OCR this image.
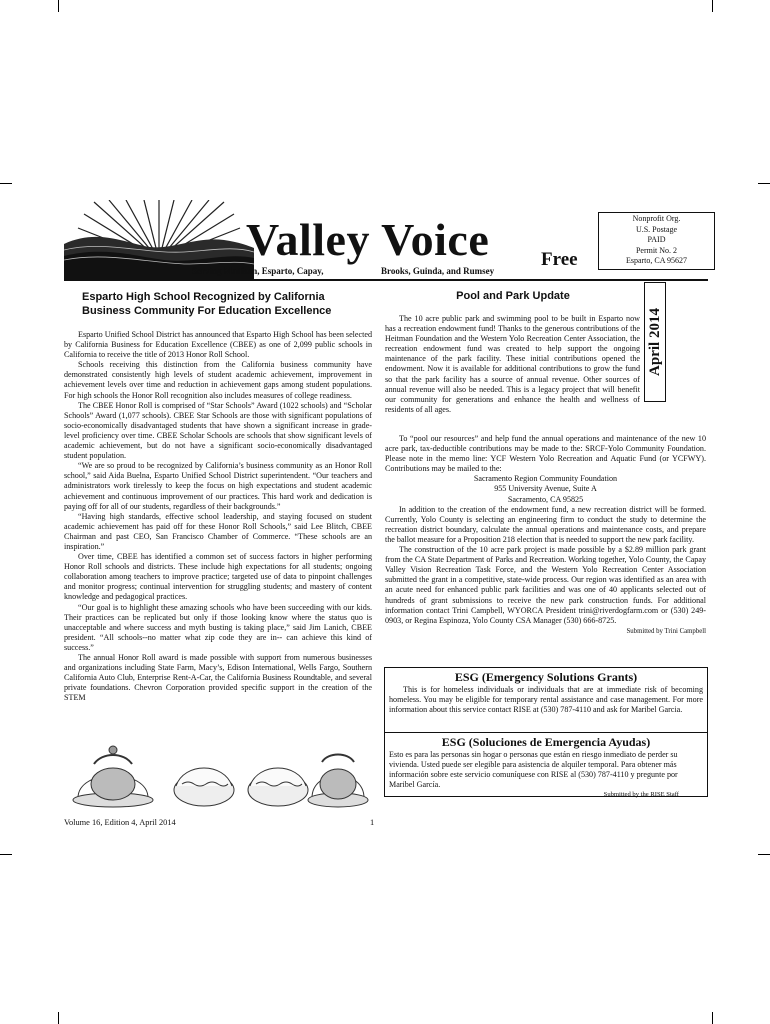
Valley Voice
Serving Madison, Esparto, Capay,	Brooks, Guinda, and Rumsey
Free
Nonprofit Org.
U.S. Postage
PAID
Permit No. 2
Esparto, CA 95627
April 2014
Esparto High School Recognized by California Business Community For Education Excellence

Esparto Unified School District has announced that Esparto High School has been selected by California Business for Education Excellence (CBEE) as one of 2,099 public schools in California to receive the title of 2013 Honor Roll School.

Schools receiving this distinction from the California business community have demonstrated consistently high levels of student academic achievement, improvement in achievement levels over time and reduction in achievement gaps among student populations. For high schools the Honor Roll recognition also includes measures of college readiness.

The CBEE Honor Roll is comprised of “Star Schools” Award (1022 schools) and “Scholar Schools” Award (1,077 schools). CBEE Star Schools are those with significant populations of socio-economically disadvantaged students that have shown a significant increase in grade-level proficiency over time. CBEE Scholar Schools are schools that show significant levels of academic achievement, but do not have a significant socio-economically disadvantaged student population.

“We are so proud to be recognized by California’s business community as an Honor Roll school,” said Aida Buelna, Esparto Unified School District superintendent. “Our teachers and administrators work tirelessly to keep the focus on high expectations and student academic achievement and continuous improvement of our practices. This hard work and dedication is paying off for all of our students, regardless of their backgrounds.”

“Having high standards, effective school leadership, and staying focused on student academic achievement has paid off for these Honor Roll Schools,” said Lee Blitch, CBEE Chairman and past CEO, San Francisco Chamber of Commerce. “These schools are an inspiration.”

Over time, CBEE has identified a common set of success factors in higher performing Honor Roll schools and districts. These include high expectations for all students; ongoing collaboration among teachers to improve practice; targeted use of data to pinpoint challenges and monitor progress; continual intervention for struggling students; and mastery of content knowledge and pedagogical practices.

“Our goal is to highlight these amazing schools who have been succeeding with our kids. Their practices can be replicated but only if those looking know where the status quo is unacceptable and where success and myth busting is taking place,” said Jim Lanich, CBEE president. “All schools--no matter what zip code they are in-- can achieve this kind of success.”

The annual Honor Roll award is made possible with support from numerous businesses and organizations including State Farm, Macy’s, Edison International, Wells Fargo, Southern California Auto Club, Enterprise Rent-A-Car, the California Business Roundtable, and several private foundations. Chevron Corporation provided specific support in the creation of the STEM

Pool and Park Update

The 10 acre public park and swimming pool to be built in Esparto now has a recreation endowment fund! Thanks to the generous contributions of the Heitman Foundation and the Western Yolo Recreation Center Association, the recreation endowment fund was created to help support the ongoing maintenance of the park facility. These initial contributions opened the endowment. Now it is available for additional contributions to grow the fund so that the park facility has a source of annual revenue. Other sources of annual revenue will also be needed. This is a legacy project that will benefit our community for generations and enhance the health and wellness of residents of all ages.

To “pool our resources” and help fund the annual operations and maintenance of the new 10 acre park, tax-deductible contributions may be made to the: SRCF-Yolo Community Foundation. Please note in the memo line: YCF Western Yolo Recreation and Aquatic Fund (or YCFWY). Contributions may be mailed to the:

Sacramento Region Community Foundation

955 University Avenue, Suite A

Sacramento, CA 95825

In addition to the creation of the endowment fund, a new recreation district will be formed. Currently, Yolo County is selecting an engineering firm to conduct the study to determine the recreation district boundary, calculate the annual operations and maintenance costs, and prepare the ballot measure for a Proposition 218 election that is needed to support the new park facility.

The construction of the 10 acre park project is made possible by a $2.89 million park grant from the CA State Department of Parks and Recreation. Working together, Yolo County, the Capay Valley Vision Recreation Task Force, and the Western Yolo Recreation Center Association submitted the grant in a competitive, state-wide process. Our region was identified as an area with an acute need for enhanced public park facilities and was one of 40 applicants selected out of hundreds of grant submissions to receive the new park construction funds. For additional information contact Trini Campbell, WYORCA President trini@riverdogfarm.com or (530) 249-0903, or Regina Espinoza, Yolo County CSA Manager (530) 666-8725.

Submitted by Trini Campbell

ESG (Emergency Solutions Grants)

This is for homeless individuals or individuals that are at immediate risk of becoming homeless. You may be eligible for temporary rental assistance and case management. For more information about this service contact RISE at (530) 787-4110 and ask for Maribel Garcia.

ESG (Soluciones de Emergencia Ayudas)

Esto es para las personas sin hogar o personas que están en riesgo inmediato de perder su vivienda. Usted puede ser elegible para asistencia de alquiler temporal. Para obtener más información sobre este servicio comuníquese con RISE al (530) 787-4110 y pregunte por Maribel García.

Submitted by the RISE Staff

Volume 16, Edition 4, April 2014	1
